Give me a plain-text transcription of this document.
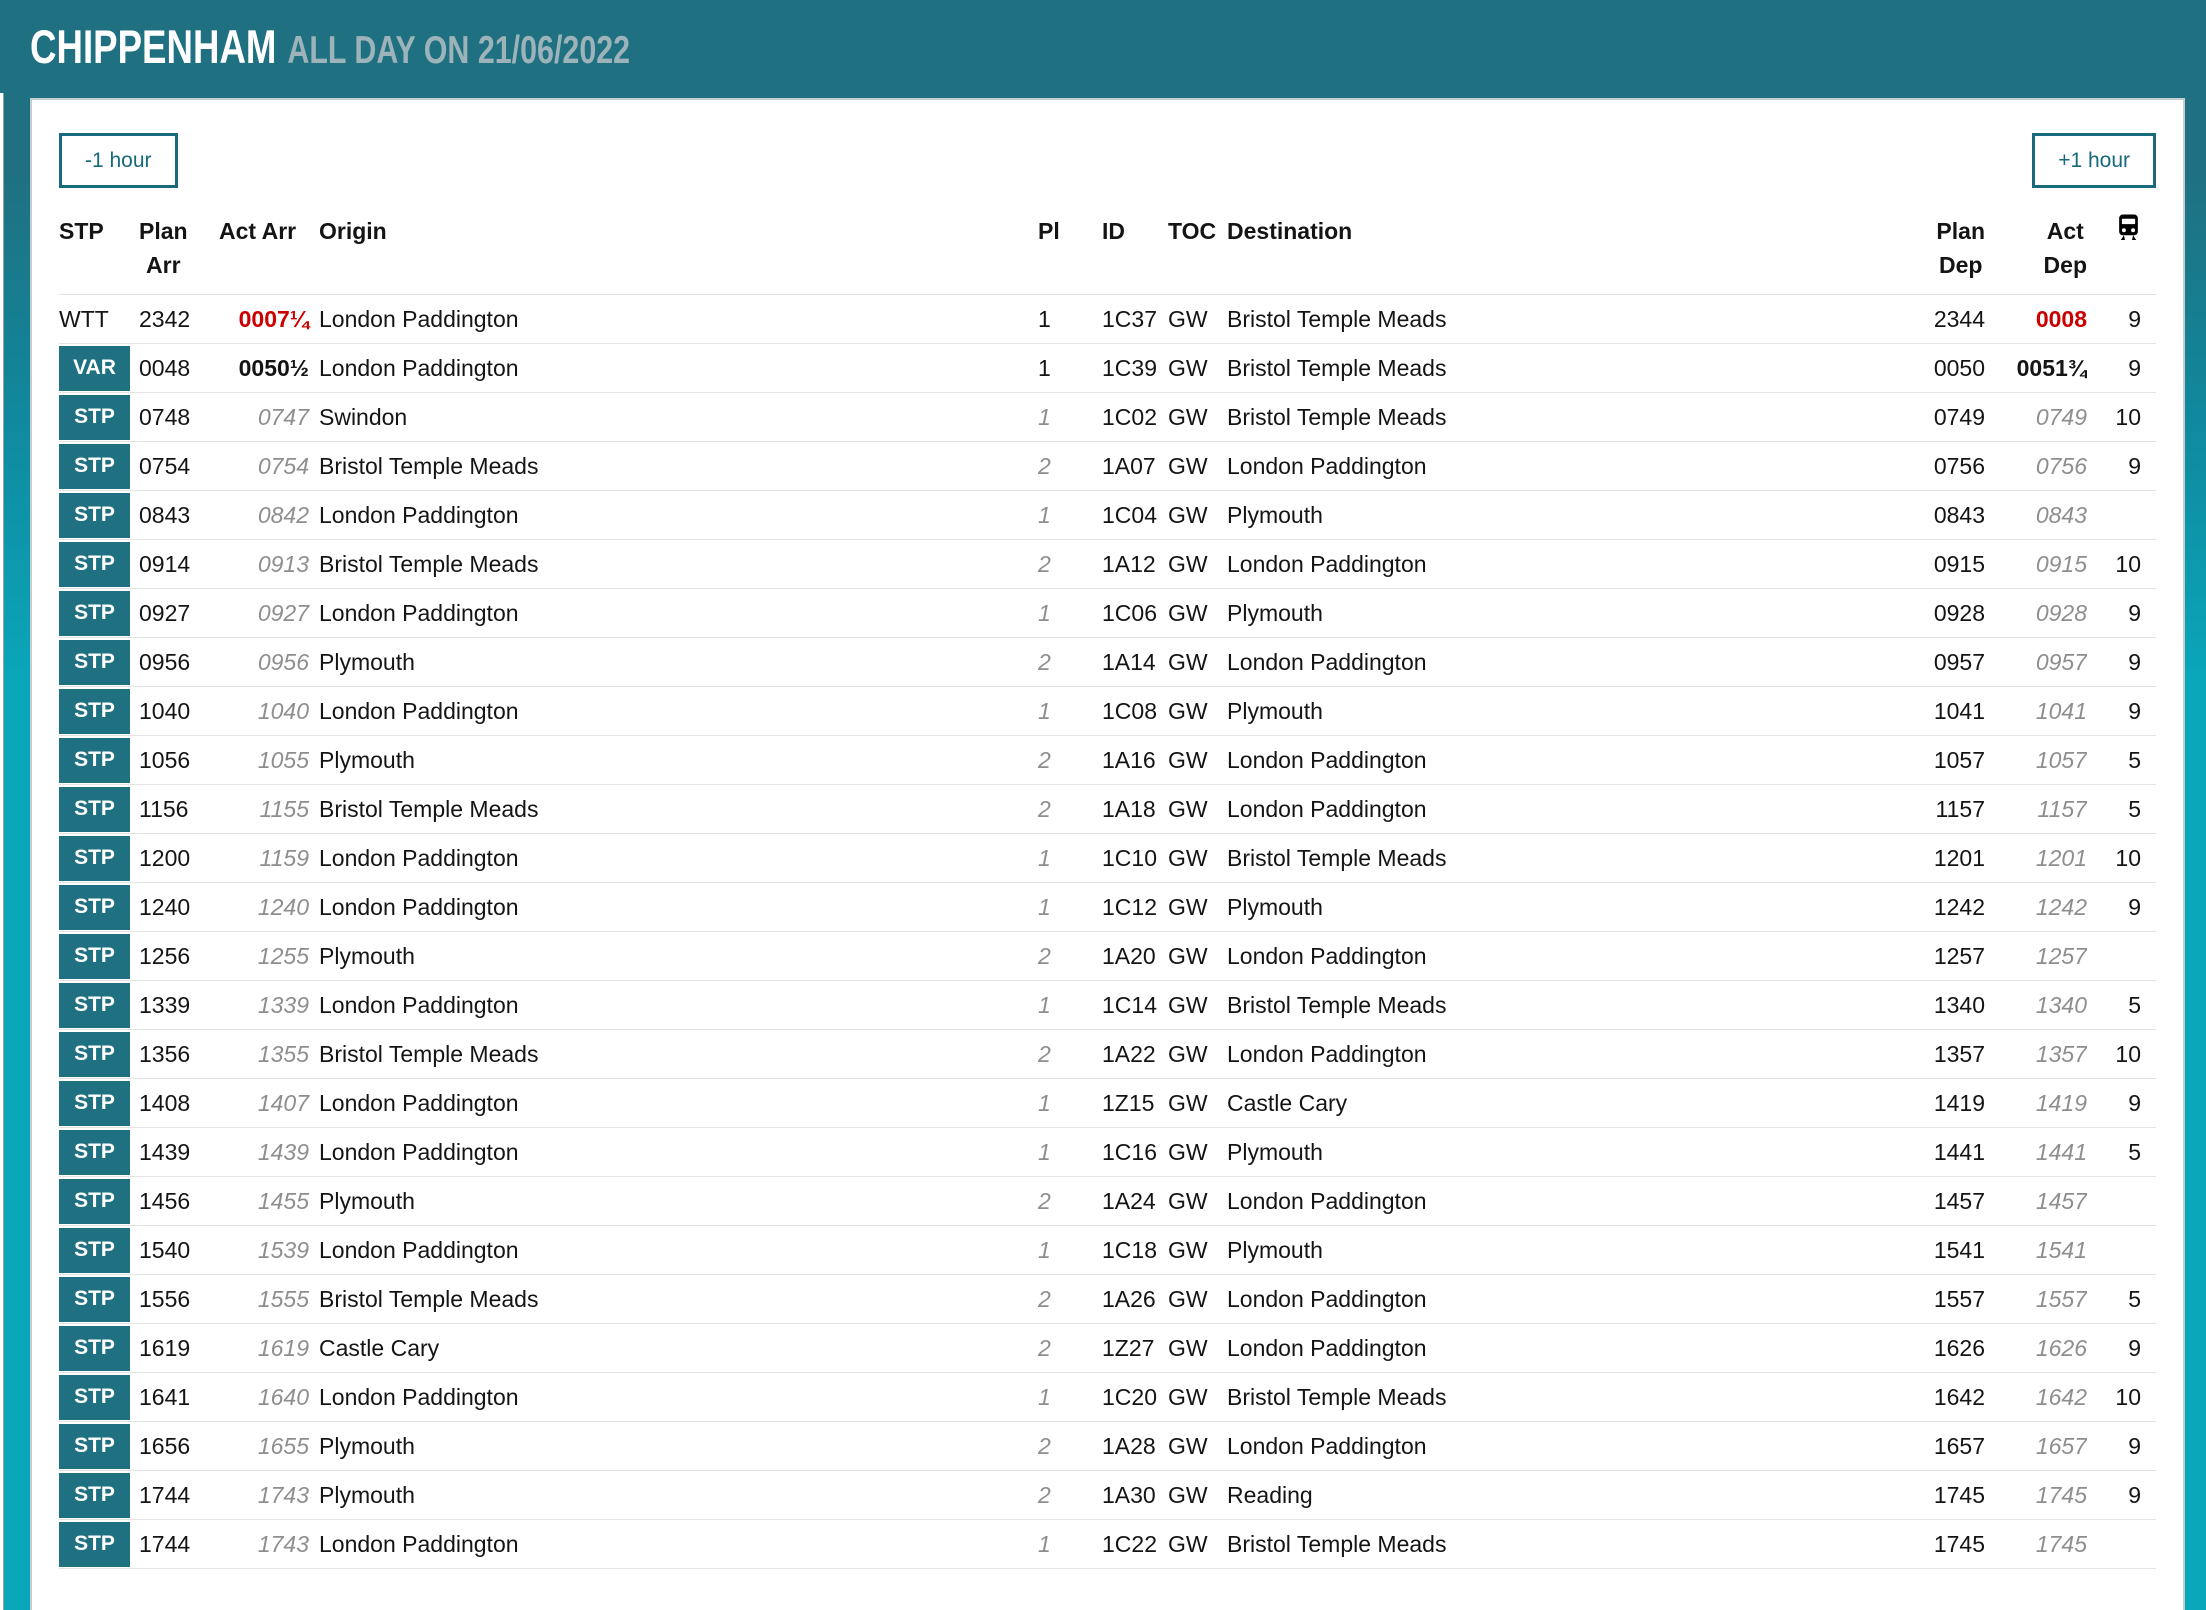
CHIPPENHAM ALL DAY ON 21/06/2022
-1 hour	+1 hour
STP	Plan
Arr
Act Arr Origin	Pl	ID	TOC Destination	Plan
Dep
Act
Dep
WTT 2342	0007¼ London Paddington	1	1C37 GW Bristol Temple Meads	2344	0008	9
VAR	0048	0050½ London Paddington	1	1C39 GW Bristol Temple Meads	0050	0051¾	9
STP	0748	0747 Swindon	1	1C02 GW Bristol Temple Meads	0749	0749	10
STP	0754	0754 Bristol Temple Meads	2	1A07 GW London Paddington	0756	0756	9
STP	0843	0842 London Paddington	1	1C04 GW Plymouth	0843	0843
STP	0914	0913 Bristol Temple Meads	2	1A12 GW London Paddington	0915	0915	10
STP	0927	0927 London Paddington	1	1C06 GW Plymouth	0928	0928	9
STP	0956	0956 Plymouth	2	1A14 GW London Paddington	0957	0957	9
STP	1040	1040 London Paddington	1	1C08 GW Plymouth	1041	1041	9
STP	1056	1055 Plymouth	2	1A16 GW London Paddington	1057	1057	5
STP	1156	1155 Bristol Temple Meads	2	1A18 GW London Paddington	1157	1157	5
STP	1200	1159 London Paddington	1	1C10 GW Bristol Temple Meads	1201	1201	10
STP	1240	1240 London Paddington	1	1C12 GW Plymouth	1242	1242	9
STP	1256	1255 Plymouth	2	1A20 GW London Paddington	1257	1257
STP	1339	1339 London Paddington	1	1C14 GW Bristol Temple Meads	1340	1340	5
STP	1356	1355 Bristol Temple Meads	2	1A22 GW London Paddington	1357	1357	10
STP	1408	1407 London Paddington	1	1Z15 GW Castle Cary	1419	1419	9
STP	1439	1439 London Paddington	1	1C16 GW Plymouth	1441	1441	5
STP	1456	1455 Plymouth	2	1A24 GW London Paddington	1457	1457
STP	1540	1539 London Paddington	1	1C18 GW Plymouth	1541	1541
STP	1556	1555 Bristol Temple Meads	2	1A26 GW London Paddington	1557	1557	5
STP	1619	1619 Castle Cary	2	1Z27 GW London Paddington	1626	1626	9
STP	1641	1640 London Paddington	1	1C20 GW Bristol Temple Meads	1642	1642	10
STP	1656	1655 Plymouth	2	1A28 GW London Paddington	1657	1657	9
STP	1744	1743 Plymouth	2	1A30 GW Reading	1745	1745	9
STP	1744	1743 London Paddington	1	1C22 GW Bristol Temple Meads	1745	1745
